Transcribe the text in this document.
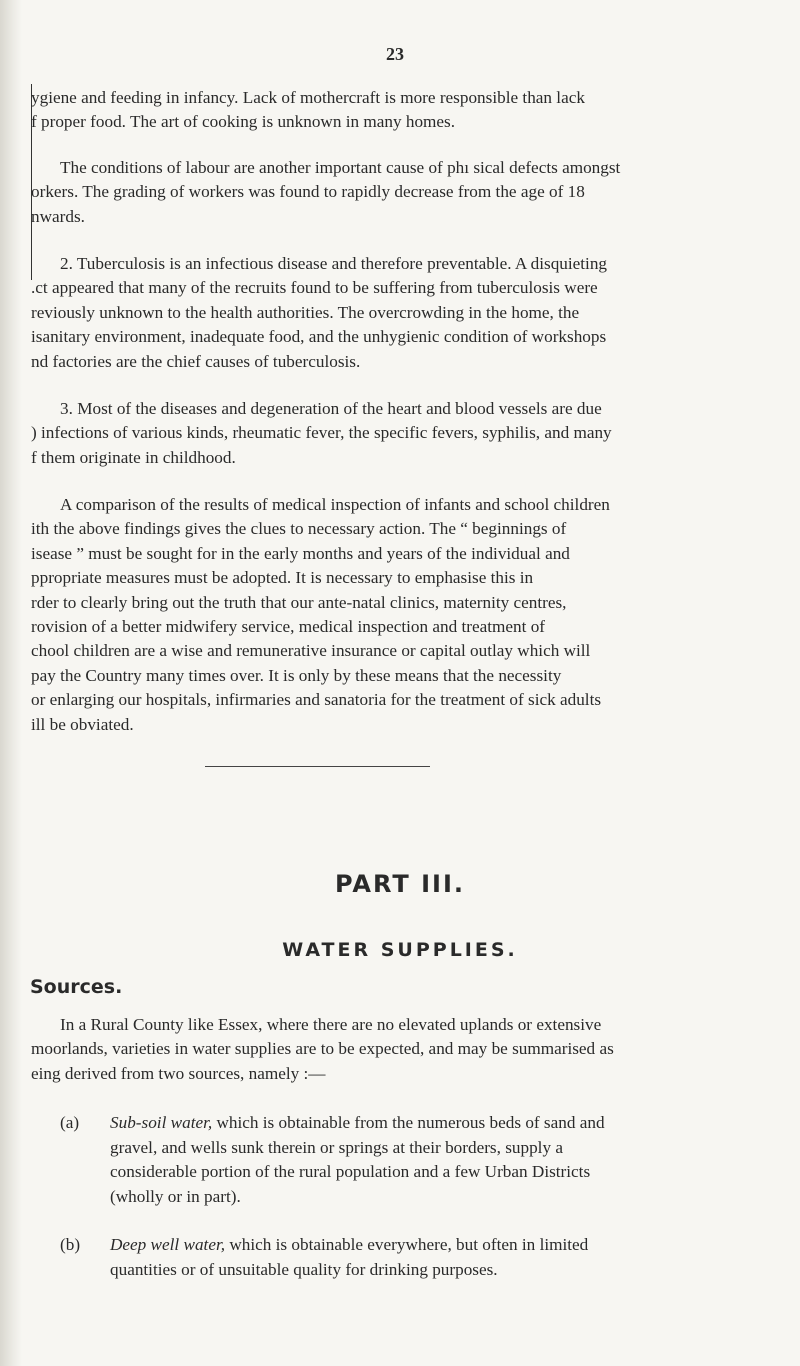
23

ygiene and feeding in infancy. Lack of mothercraft is more responsible than lack
f proper food. The art of cooking is unknown in many homes.

The conditions of labour are another important cause of phı sical defects amongst
orkers. The grading of workers was found to rapidly decrease from the age of 18
nwards.

2. Tuberculosis is an infectious disease and therefore preventable. A disquieting
.ct appeared that many of the recruits found to be suffering from tuberculosis were
reviously unknown to the health authorities. The overcrowding in the home, the
isanitary environment, inadequate food, and the unhygienic condition of workshops
nd factories are the chief causes of tuberculosis.

3. Most of the diseases and degeneration of the heart and blood vessels are due
) infections of various kinds, rheumatic fever, the specific fevers, syphilis, and many
f them originate in childhood.

A comparison of the results of medical inspection of infants and school children
ith the above findings gives the clues to necessary action. The “ beginnings of
isease ” must be sought for in the early months and years of the individual and
ppropriate measures must be adopted. It is necessary to emphasise this in
rder to clearly bring out the truth that our ante-natal clinics, maternity centres,
rovision of a better midwifery service, medical inspection and treatment of
chool children are a wise and remunerative insurance or capital outlay which will
pay the Country many times over. It is only by these means that the necessity
or enlarging our hospitals, infirmaries and sanatoria for the treatment of sick adults
ill be obviated.

PART III.
WATER SUPPLIES.
Sources.

In a Rural County like Essex, where there are no elevated uplands or extensive
moorlands, varieties in water supplies are to be expected, and may be summarised as
eing derived from two sources, namely :—

(a) Sub-soil water, which is obtainable from the numerous beds of sand and
gravel, and wells sunk therein or springs at their borders, supply a
considerable portion of the rural population and a few Urban Districts
(wholly or in part).
(b) Deep well water, which is obtainable everywhere, but often in limited
quantities or of unsuitable quality for drinking purposes.
